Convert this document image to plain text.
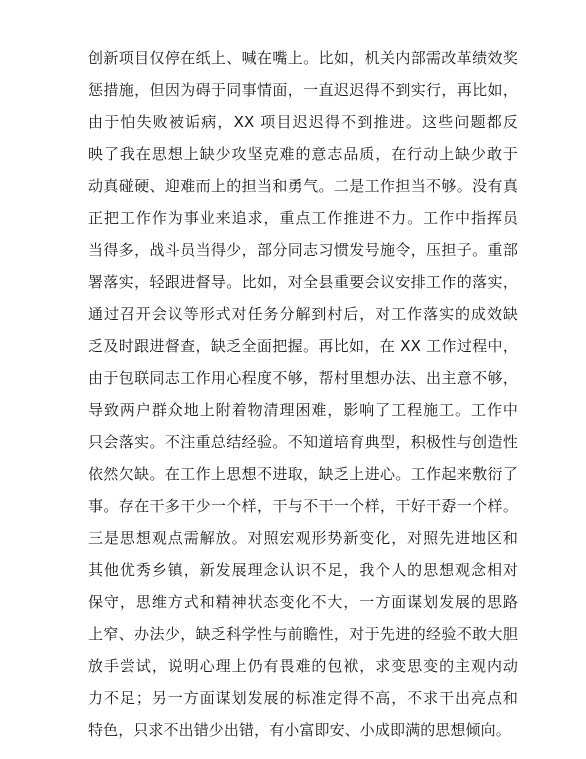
创新项目仅停在纸上、喊在嘴上。比如，机关内部需改革绩效奖
惩措施，但因为碍于同事情面，一直迟迟得不到实行，再比如，
由于怕失败被诟病，XX 项目迟迟得不到推进。这些问题都反
映了我在思想上缺少攻坚克难的意志品质，在行动上缺少敢于
动真碰硬、迎难而上的担当和勇气。二是工作担当不够。没有真
正把工作作为事业来追求，重点工作推进不力。工作中指挥员
当得多，战斗员当得少，部分同志习惯发号施令，压担子。重部
署落实，轻跟进督导。比如，对全县重要会议安排工作的落实，
通过召开会议等形式对任务分解到村后，对工作落实的成效缺
乏及时跟进督查，缺乏全面把握。再比如，在 XX 工作过程中，
由于包联同志工作用心程度不够，帮村里想办法、出主意不够，
导致两户群众地上附着物清理困难，影响了工程施工。工作中
只会落实。不注重总结经验。不知道培育典型，积极性与创造性
依然欠缺。在工作上思想不进取，缺乏上进心。工作起来敷衍了
事。存在干多干少一个样，干与不干一个样，干好干孬一个样。
三是思想观点需解放。对照宏观形势新变化，对照先进地区和
其他优秀乡镇，新发展理念认识不足，我个人的思想观念相对
保守，思维方式和精神状态变化不大，一方面谋划发展的思路
上窄、办法少，缺乏科学性与前瞻性，对于先进的经验不敢大胆
放手尝试，说明心理上仍有畏难的包袱，求变思变的主观内动
力不足；另一方面谋划发展的标准定得不高，不求干出亮点和
特色，只求不出错少出错，有小富即安、小成即满的思想倾向。
